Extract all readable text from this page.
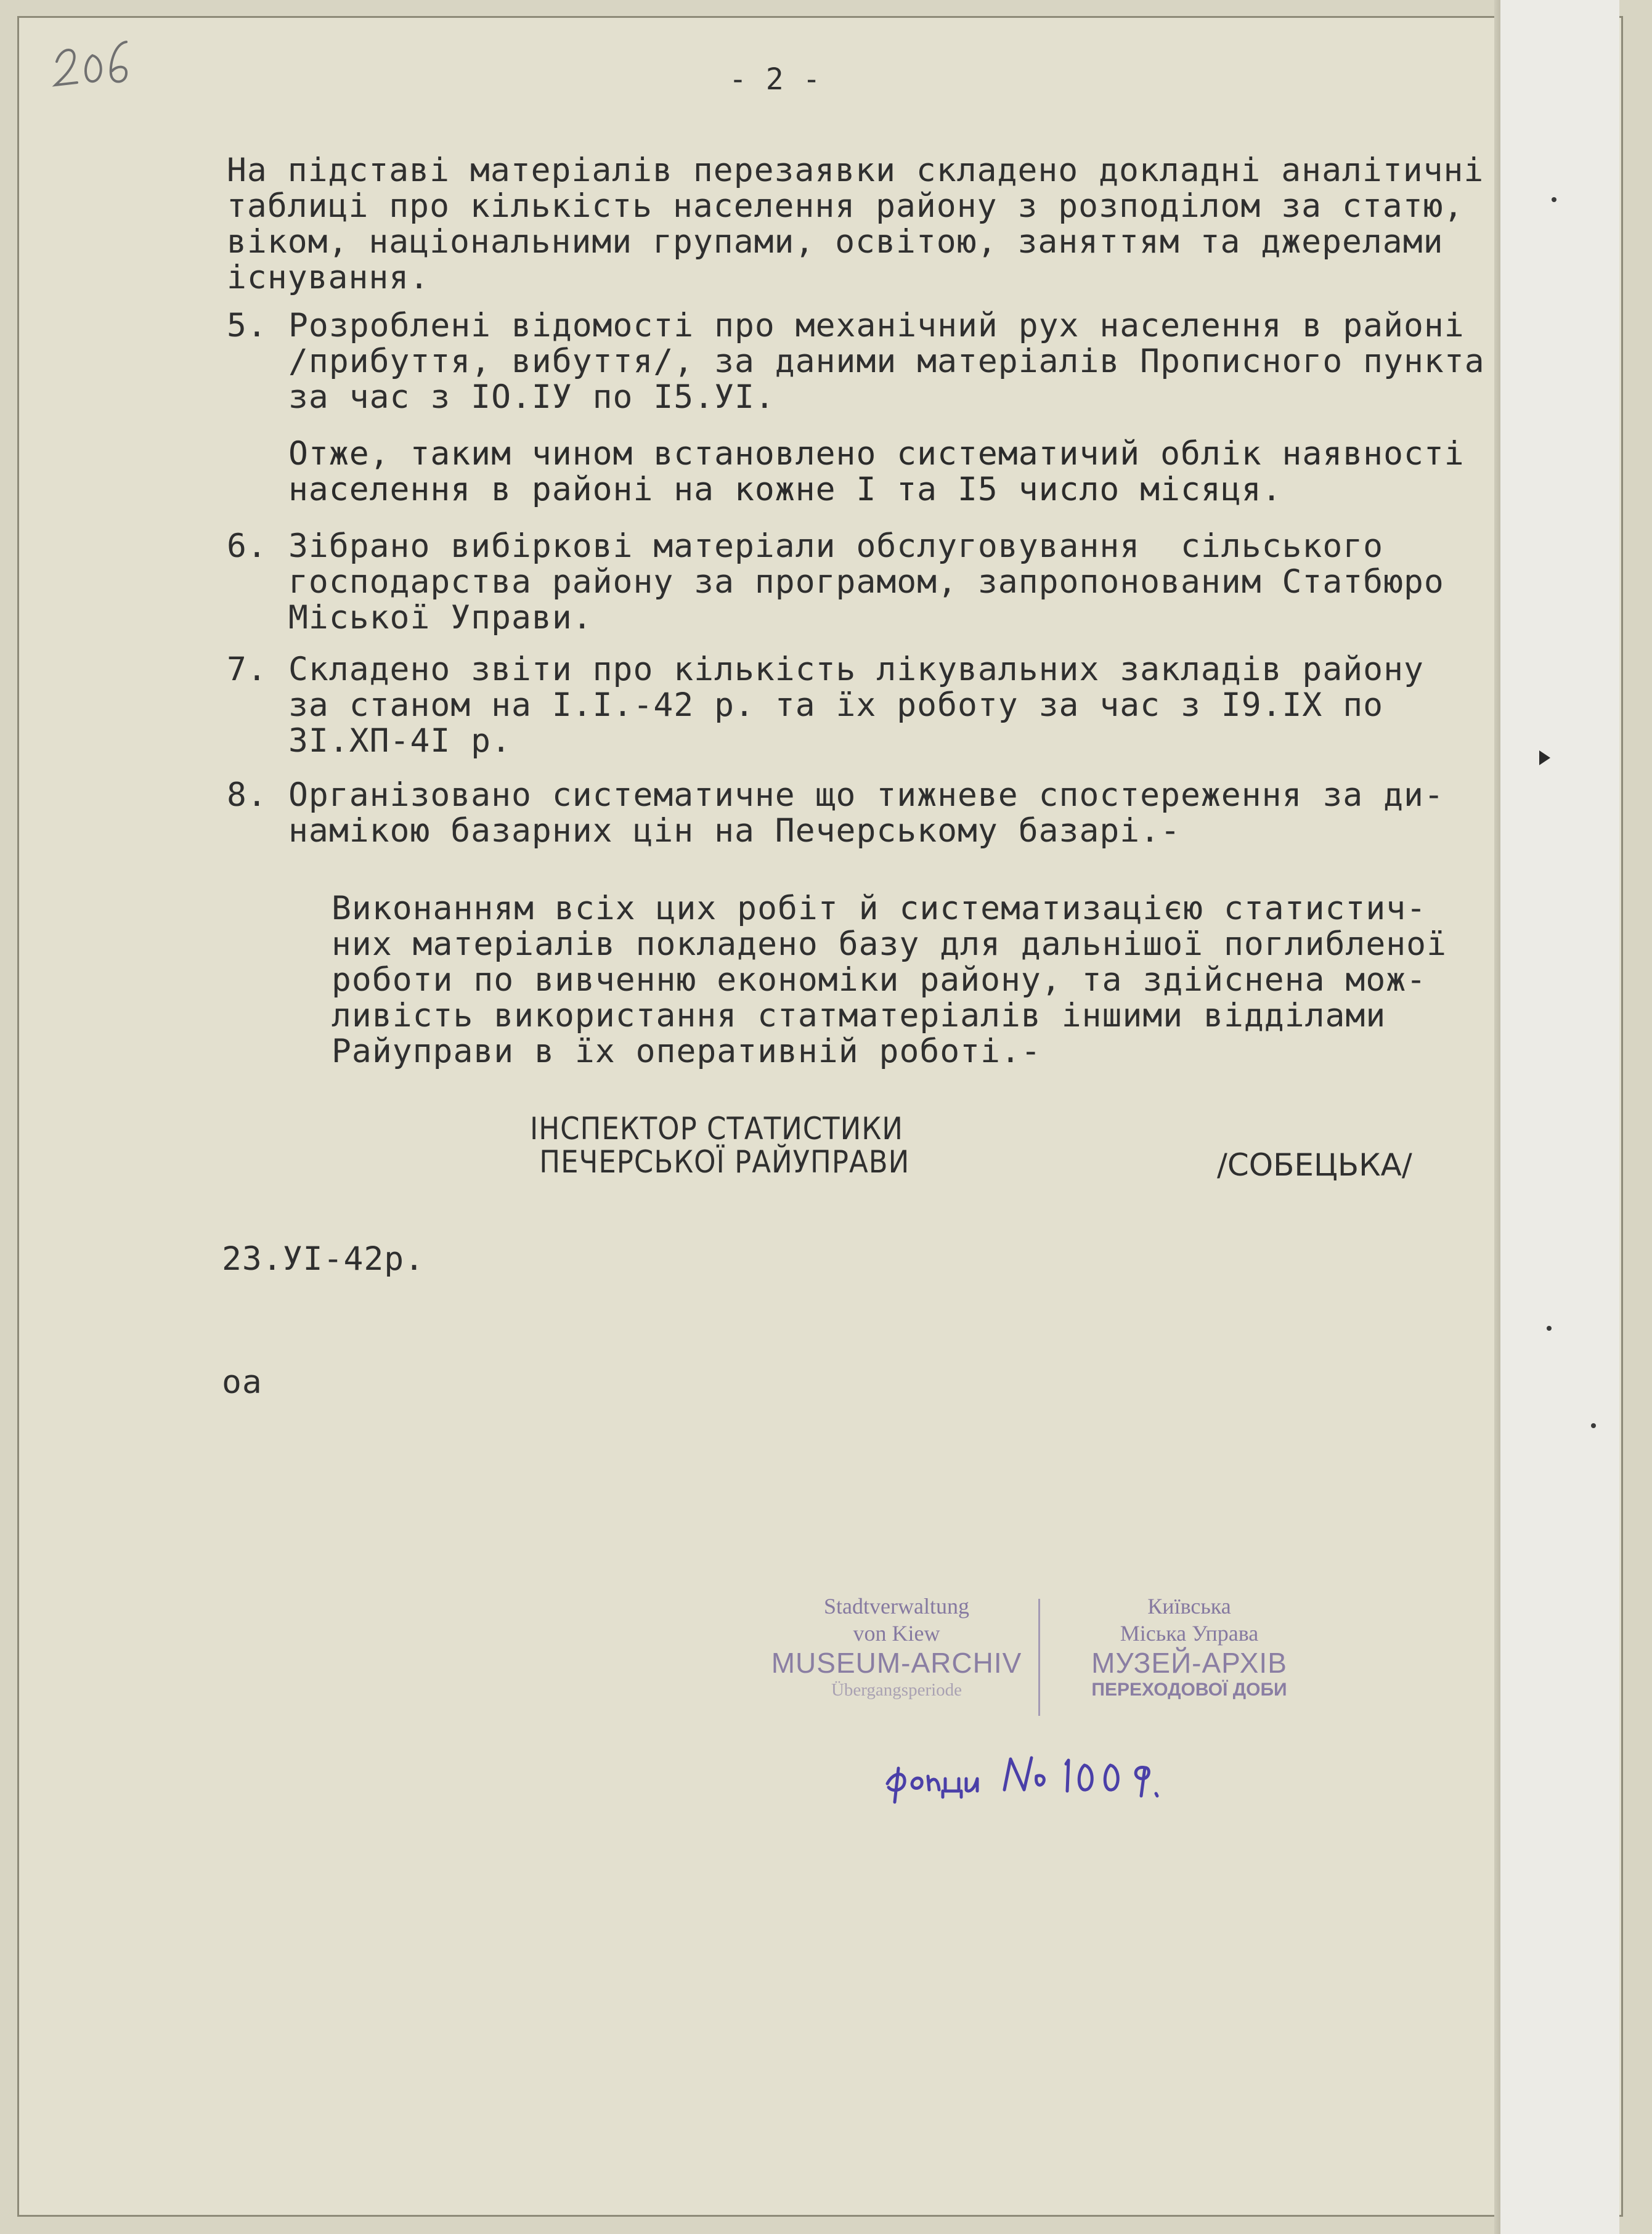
- 2 -
На підставі матеріалів перезаявки складено докладні аналітичні
таблиці про кількість населення району з розподілом за статю,
віком, національними групами, освітою, заняттям та джерелами
існування.

5.

Розроблені відомості про механічний рух населення в районі
/прибуття, вибуття/, за даними матеріалів Прописного пункта
за час з IO.IУ по I5.УI.

Отже, таким чином встановлено систематичий облік наявності
населення в районі на кожне I та I5 число місяця.

6.

Зібрано вибіркові матеріали обслуговування  сільського
господарства району за програмом, запропонованим Статбюро
Міської Управи.

7.

Складено звіти про кількість лікувальних закладів району
за станом на I.I.-42 р. та їх роботу за час з I9.IX по
ЗI.ХП-4I р.

8.

Організовано систематичне що тижневе спостереження за ди-
намікою базарних цін на Печерському базарі.-

Виконанням всіх цих робіт й систематизацією статистич-
них матеріалів покладено базу для дальнішої поглибленої
роботи по вивченню економіки району, та здійснена мож-
ливість використання статматеріалів іншими відділами
Райуправи в їх оперативній роботі.-
ІНСПЕКТОР СТАТИСТИКИ
ПЕЧЕРСЬКОЇ РАЙУПРАВИ	/СОБЕЦЬКА/
23.УI-42р.
оа
Stadtverwaltung
von Kiew
MUSEUM-ARCHIV
Übergangsperiode
Київська
Міська Управа
МУЗЕЙ-АРХІВ
ПЕРЕХОДОВОЇ ДОБИ
